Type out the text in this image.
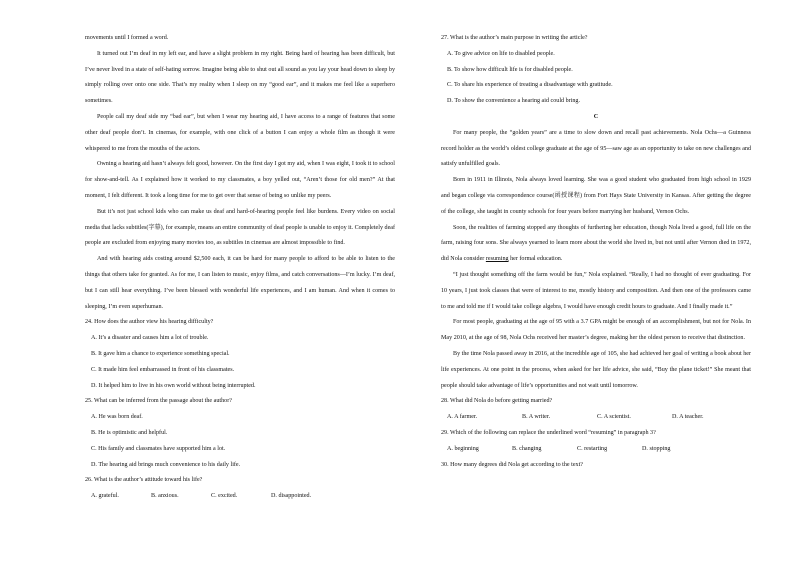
movements until I formed a word.

It turned out I’m deaf in my left ear, and have a slight problem in my right. Being hard of hearing has been difficult, but I’ve never lived in a state of self-hating sorrow. Imagine being able to shut out all sound as you lay your head down to sleep by simply rolling over onto one side. That’s my reality when I sleep on my “good ear”, and it makes me feel like a superhero sometimes.

People call my deaf side my “bad ear”, but when I wear my hearing aid, I have access to a range of features that some other deaf people don’t. In cinemas, for example, with one click of a button I can enjoy a whole film as though it were whispered to me from the mouths of the actors.

Owning a hearing aid hasn’t always felt good, however. On the first day I got my aid, when I was eight, I took it to school for show-and-tell. As I explained how it worked to my classmates, a boy yelled out, “Aren’t those for old men?” At that moment, I felt different. It took a long time for me to get over that sense of being so unlike my peers.

But it’s not just school kids who can make us deaf and hard-of-hearing people feel like burdens. Every video on social media that lacks subtitles(字幕), for example, means an entire community of deaf people is unable to enjoy it. Completely deaf people are excluded from enjoying many movies too, as subtitles in cinemas are almost impossible to find.

And with hearing aids costing around $2,500 each, it can be hard for many people to afford to be able to listen to the things that others take for granted. As for me, I can listen to music, enjoy films, and catch conversations—I’m lucky. I’m deaf, but I can still hear everything. I’ve been blessed with wonderful life experiences, and I am human. And when it comes to sleeping, I’m even superhuman.

24. How does the author view his hearing difficulty?

A. It’s a disaster and causes him a lot of trouble.

B. It gave him a chance to experience something special.

C. It made him feel embarrassed in front of his classmates.

D. It helped him to live in his own world without being interrupted.

25. What can be inferred from the passage about the author?

A. He was born deaf.

B. He is optimistic and helpful.

C. His family and classmates have supported him a lot.

D. The hearing aid brings much convenience to his daily life.

26. What is the author’s attitude toward his life?

A. grateful.	B. anxious.	C. excited.	D. disappointed.

27. What is the author’s main purpose in writing the article?

A. To give advice on life to disabled people.

B. To show how difficult life is for disabled people.

C. To share his experience of treating a disadvantage with gratitude.

D. To show the convenience a hearing aid could bring.

C

For many people, the “golden years” are a time to slow down and recall past achievements. Nola Ochs—a Guinness record holder as the world’s oldest college graduate at the age of 95—saw age as an opportunity to take on new challenges and satisfy unfulfilled goals.

Born in 1911 in Illinois, Nola always loved learning. She was a good student who graduated from high school in 1929 and began college via correspondence course(函授课程) from Fort Hays State University in Kansas. After getting the degree of the college, she taught in county schools for four years before marrying her husband, Vernon Ochs.

Soon, the realities of farming stopped any thoughts of furthering her education, though Nola lived a good, full life on the farm, raising four sons. She always yearned to learn more about the world she lived in, but not until after Vernon died in 1972, did Nola consider resuming her formal education.

“I just thought something off the farm would be fun,” Nola explained. “Really, I had no thought of ever graduating. For 10 years, I just took classes that were of interest to me, mostly history and composition. And then one of the professors came to me and told me if I would take college algebra, I would have enough credit hours to graduate. And I finally made it.”

For most people, graduating at the age of 95 with a 3.7 GPA might be enough of an accomplishment, but not for Nola. In May 2010, at the age of 98, Nola Ochs received her master’s degree, making her the oldest person to receive that distinction.

By the time Nola passed away in 2016, at the incredible age of 105, she had achieved her goal of writing a book about her life experiences. At one point in the process, when asked for her life advice, she said, “Buy the plane ticket!” She meant that people should take advantage of life’s opportunities and not wait until tomorrow.

28. What did Nola do before getting married?

A. A farmer.	B. A writer.	C. A scientist.	D. A teacher.

29. Which of the following can replace the underlined word “resuming” in paragraph 3?

A. beginning	B. changing	C. restarting	D. stopping

30. How many degrees did Nola get according to the text?
